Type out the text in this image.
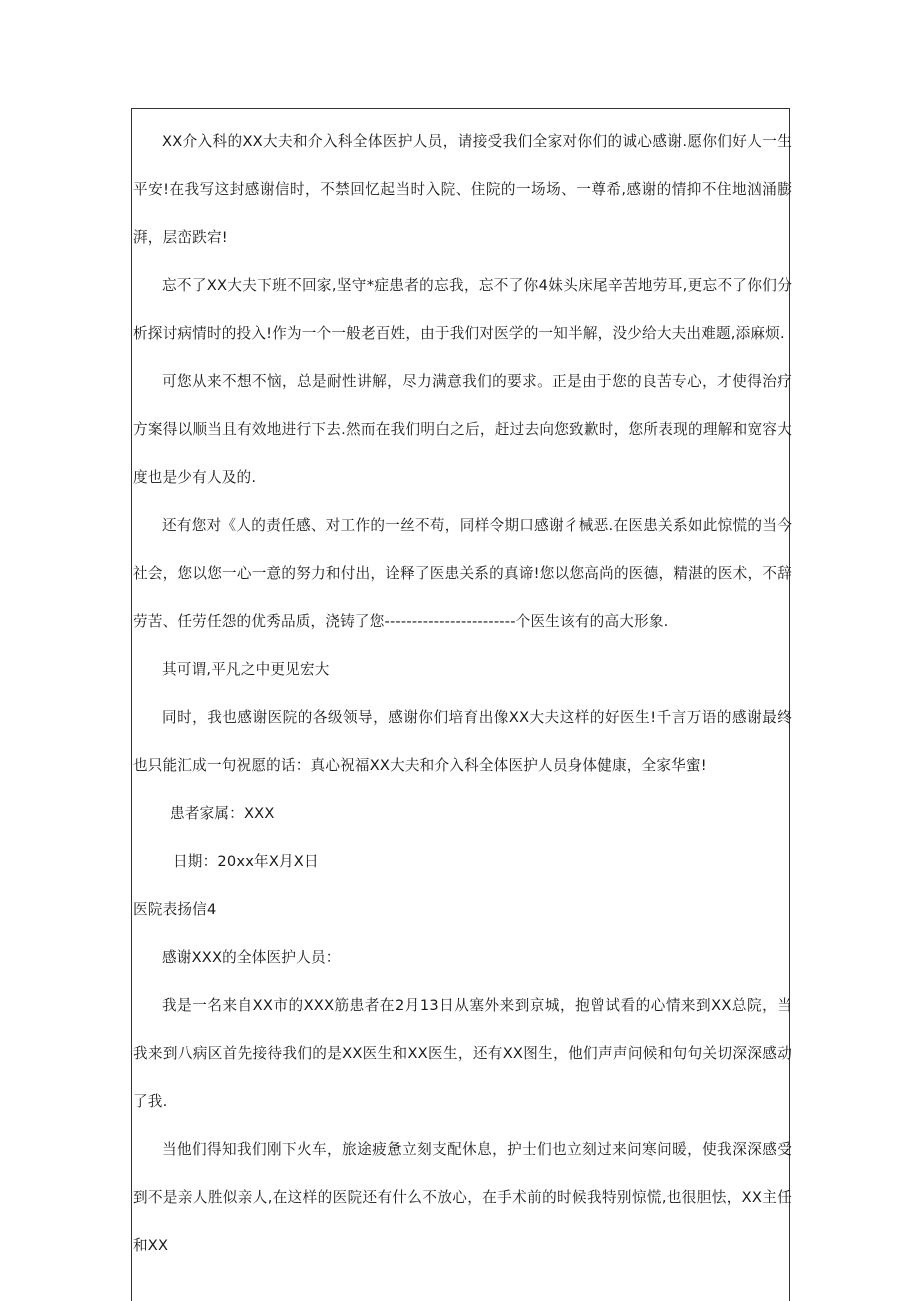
XX介入科的XX大夫和介入科全体医护人员，请接受我们全家对你们的诚心感谢.愿你们好人一生平安!在我写这封感谢信时，不禁回忆起当时入院、住院的一场场、一尊希,感谢的情抑不住地汹涌膨湃，层峦跌宕!

忘不了XX大夫下班不回家,坚守*症患者的忘我，忘不了你4妹头床尾辛苦地劳耳,更忘不了你们分析探讨病情时的投入!作为一个一般老百姓，由于我们对医学的一知半解，没少给大夫出难题,添麻烦.

可您从来不想不恼，总是耐性讲解，尽力满意我们的要求。正是由于您的良苦专心，才使得治疗方案得以顺当且有效地进行下去.然而在我们明白之后，赶过去向您致歉时，您所表现的理解和宽容大度也是少有人及的.

还有您对《人的责任感、对工作的一丝不苟，同样令期口感谢彳械恶.在医患关系如此惊慌的当今社会，您以您一心一意的努力和付出，诠释了医患关系的真谛!您以您高尚的医德，精湛的医术，不辞劳苦、任劳任怨的优秀品质，浇铸了您------------------------个医生该有的高大形象.

其可谓,平凡之中更见宏大

同时，我也感谢医院的各级领导，感谢你们培育出像XX大夫这样的好医生!千言万语的感谢最终也只能汇成一句祝愿的话：真心祝福XX大夫和介入科全体医护人员身体健康，全家华蜜!

患者家属：XXX

日期：20xx年X月X日

医院表扬信4

感谢XXX的全体医护人员：

我是一名来自XX市的XXX筋患者在2月13日从塞外来到京城，抱曾试看的心情来到XX总院，当我来到八病区首先接待我们的是XX医生和XX医生，还有XX图生，他们声声问候和句句关切深深感动了我.

当他们得知我们刚下火车，旅途疲惫立刻支配休息，护士们也立刻过来问寒问暖，使我深深感受到不是亲人胜似亲人,在这样的医院还有什么不放心，在手术前的时候我特别惊慌,也很胆怯，XX主任和XX
